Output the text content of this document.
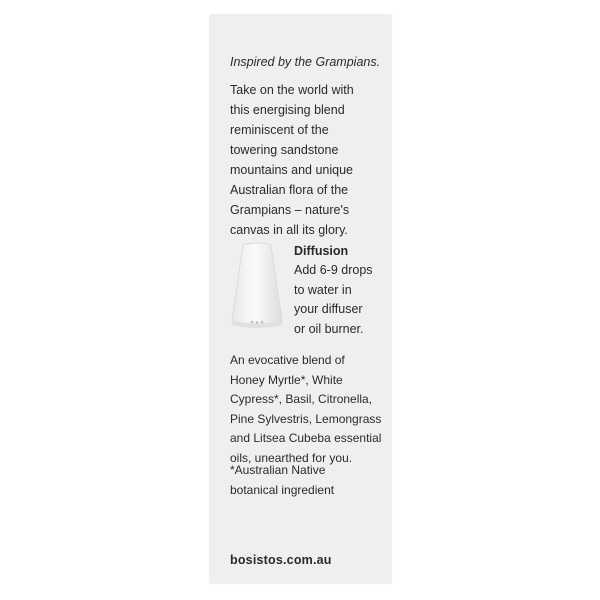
Inspired by the Grampians.

Take on the world with
this energising blend
reminiscent of the
towering sandstone
mountains and unique
Australian flora of the
Grampians – nature's
canvas in all its glory.

Diffusion
Add 6-9 drops
to water in
your diffuser
or oil burner.

An evocative blend of
Honey Myrtle*, White
Cypress*, Basil, Citronella,
Pine Sylvestris, Lemongrass
and Litsea Cubeba essential
oils, unearthed for you.

*Australian Native
botanical ingredient

bosistos.com.au
